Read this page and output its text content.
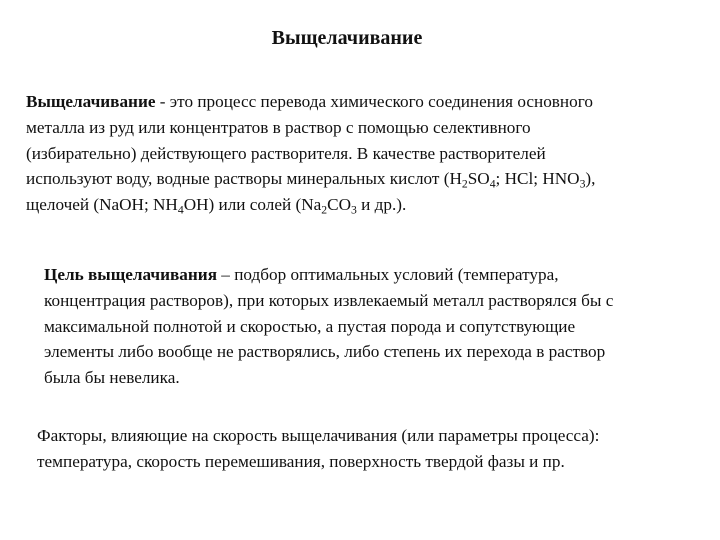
Выщелачивание

Выщелачивание - это процесс перевода химического соединения основного
металла из руд или концентратов в раствор с помощью селективного
(избирательно) действующего растворителя. В качестве растворителей
используют воду, водные растворы минеральных кислот ($H_2SO_4$; HCl; $HNO_3$),
щелочей (NaOH; $NH_4OH$) или солей ($Na_2CO_3$ и др.).

Цель выщелачивания – подбор оптимальных условий (температура,
концентрация растворов), при которых извлекаемый металл растворялся бы с
максимальной полнотой и скоростью, а пустая порода и сопутствующие
элементы либо вообще не растворялись, либо степень их перехода в раствор
была бы невелика.

Факторы, влияющие на скорость выщелачивания (или параметры процесса):
температура, скорость перемешивания, поверхность твердой фазы и пр.
